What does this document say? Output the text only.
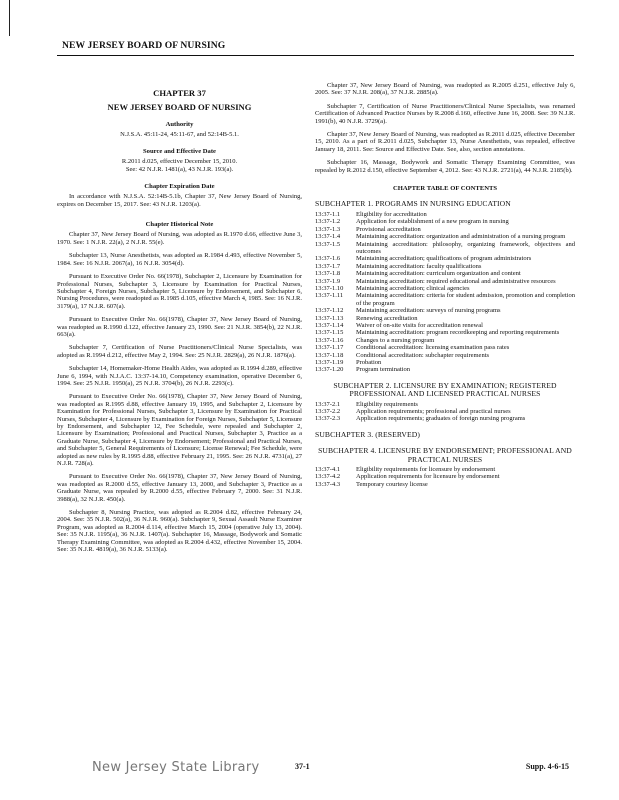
NEW JERSEY BOARD OF NURSING
CHAPTER 37
NEW JERSEY BOARD OF NURSING
Authority
N.J.S.A. 45:11-24, 45:11-67, and 52:14B-5.1.
Source and Effective Date
R.2011 d.025, effective December 15, 2010.
See: 42 N.J.R. 1481(a), 43 N.J.R. 193(a).
Chapter Expiration Date

In accordance with N.J.S.A. 52:14B-5.1b, Chapter 37, New Jersey Board of Nursing, expires on December 15, 2017. See: 43 N.J.R. 1203(a).

Chapter Historical Note

Chapter 37, New Jersey Board of Nursing, was adopted as R.1970 d.66, effective June 3, 1970. See: 1 N.J.R. 22(a), 2 N.J.R. 55(e).

Subchapter 13, Nurse Anesthetists, was adopted as R.1984 d.493, effective November 5, 1984. See: 16 N.J.R. 2067(a), 16 N.J.R. 3054(d).

Pursuant to Executive Order No. 66(1978), Subchapter 2, Licensure by Examination for Professional Nurses, Subchapter 3, Licensure by Examination for Practical Nurses, Subchapter 4, Foreign Nurses, Subchapter 5, Licensure by Endorsement, and Subchapter 6, Nursing Procedures, were readopted as R.1985 d.105, effective March 4, 1985. See: 16 N.J.R. 3179(a), 17 N.J.R. 607(a).

Pursuant to Executive Order No. 66(1978), Chapter 37, New Jersey Board of Nursing, was readopted as R.1990 d.122, effective January 23, 1990. See: 21 N.J.R. 3854(b), 22 N.J.R. 663(a).

Subchapter 7, Certification of Nurse Practitioners/Clinical Nurse Specialists, was adopted as R.1994 d.212, effective May 2, 1994. See: 25 N.J.R. 2829(a), 26 N.J.R. 1876(a).

Subchapter 14, Homemaker-Home Health Aides, was adopted as R.1994 d.289, effective June 6, 1994, with N.J.A.C. 13:37-14.10, Competency examination, operative December 6, 1994. See: 25 N.J.R. 1950(a), 25 N.J.R. 3704(b), 26 N.J.R. 2293(c).

Pursuant to Executive Order No. 66(1978), Chapter 37, New Jersey Board of Nursing, was readopted as R.1995 d.88, effective January 19, 1995, and Subchapter 2, Licensure by Examination for Professional Nurses, Subchapter 3, Licensure by Examination for Practical Nurses, Subchapter 4, Licensure by Examination for Foreign Nurses, Subchapter 5, Licensure by Endorsement, and Subchapter 12, Fee Schedule, were repealed and Subchapter 2, Licensure by Examination; Professional and Practical Nurses, Subchapter 3, Practice as a Graduate Nurse, Subchapter 4, Licensure by Endorsement; Professional and Practical Nurses, and Subchapter 5, General Requirements of Licensure; License Renewal; Fee Schedule, were adopted as new rules by R.1995 d.88, effective February 21, 1995. See: 26 N.J.R. 4731(a), 27 N.J.R. 728(a).

Pursuant to Executive Order No. 66(1978), Chapter 37, New Jersey Board of Nursing, was readopted as R.2000 d.55, effective January 13, 2000, and Subchapter 3, Practice as a Graduate Nurse, was repealed by R.2000 d.55, effective February 7, 2000. See: 31 N.J.R. 3988(a), 32 N.J.R. 450(a).

Subchapter 8, Nursing Practice, was adopted as R.2004 d.82, effective February 24, 2004. See: 35 N.J.R. 502(a), 36 N.J.R. 960(a). Subchapter 9, Sexual Assault Nurse Examiner Program, was adopted as R.2004 d.114, effective March 15, 2004 (operative July 13, 2004). See: 35 N.J.R. 1195(a), 36 N.J.R. 1407(a). Subchapter 16, Massage, Bodywork and Somatic Therapy Examining Committee, was adopted as R.2004 d.432, effective November 15, 2004. See: 35 N.J.R. 4819(a), 36 N.J.R. 5133(a).

Chapter 37, New Jersey Board of Nursing, was readopted as R.2005 d.251, effective July 6, 2005. See: 37 N.J.R. 208(a), 37 N.J.R. 2885(a).

Subchapter 7, Certification of Nurse Practitioners/Clinical Nurse Specialists, was renamed Certification of Advanced Practice Nurses by R.2008 d.160, effective June 16, 2008. See: 39 N.J.R. 1991(b), 40 N.J.R. 3729(a).

Chapter 37, New Jersey Board of Nursing, was readopted as R.2011 d.025, effective December 15, 2010. As a part of R.2011 d.025, Subchapter 13, Nurse Anesthetists, was repealed, effective January 18, 2011. See: Source and Effective Date. See, also, section annotations.

Subchapter 16, Massage, Bodywork and Somatic Therapy Examining Committee, was repealed by R.2012 d.150, effective September 4, 2012. See: 43 N.J.R. 2721(a), 44 N.J.R. 2185(b).

CHAPTER TABLE OF CONTENTS
SUBCHAPTER 1. PROGRAMS IN NURSING EDUCATION
13:37-1.1	Eligibility for accreditation
13:37-1.2	Application for establishment of a new program in nursing
13:37-1.3	Provisional accreditation
13:37-1.4	Maintaining accreditation: organization and administration of a nursing program
13:37-1.5	Maintaining accreditation: philosophy, organizing framework, objectives and outcomes
13:37-1.6	Maintaining accreditation; qualifications of program administrators
13:37-1.7	Maintaining accreditation: faculty qualifications
13:37-1.8	Maintaining accreditation: curriculum organization and content
13:37-1.9	Maintaining accreditation: required educational and administrative resources
13:37-1.10	Maintaining accreditation; clinical agencies
13:37-1.11	Maintaining accreditation: criteria for student admission, promotion and completion of the program
13:37-1.12	Maintaining accreditation: surveys of nursing programs
13:37-1.13	Renewing accreditation
13:37-1.14	Waiver of on-site visits for accreditation renewal
13:37-1.15	Maintaining accreditation: program recordkeeping and reporting requirements
13:37-1.16	Changes to a nursing program
13:37-1.17	Conditional accreditation: licensing examination pass rates
13:37-1.18	Conditional accreditation: subchapter requirements
13:37-1.19	Probation
13:37-1.20	Program termination
SUBCHAPTER 2. LICENSURE BY EXAMINATION; REGISTERED PROFESSIONAL AND LICENSED PRACTICAL NURSES
13:37-2.1	Eligibility requirements
13:37-2.2	Application requirements; professional and practical nurses
13:37-2.3	Application requirements; graduates of foreign nursing programs
SUBCHAPTER 3. (RESERVED)
SUBCHAPTER 4. LICENSURE BY ENDORSEMENT; PROFESSIONAL AND PRACTICAL NURSES
13:37-4.1	Eligibility requirements for licensure by endorsement
13:37-4.2	Application requirements for licensure by endorsement
13:37-4.3	Temporary courtesy license
New Jersey State Library	37-1	Supp. 4-6-15
